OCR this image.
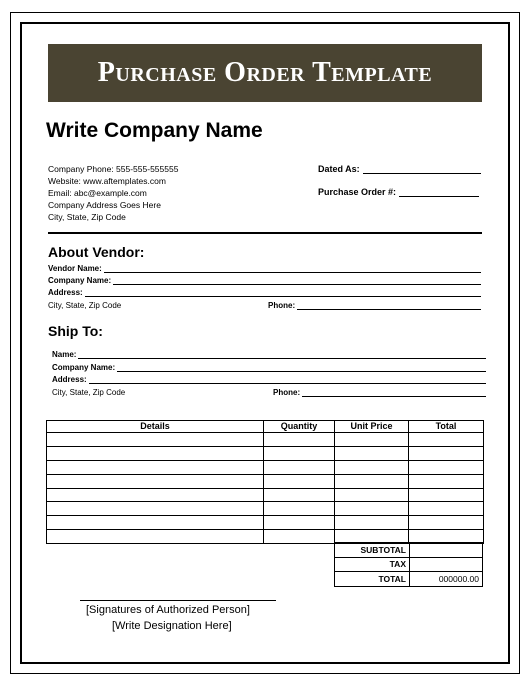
Purchase Order Template
Write Company Name
Company Phone: 555-555-555555
Website: www.aftemplates.com
Email: abc@example.com
Company Address Goes Here
City, State, Zip Code
Dated As:
Purchase Order #:
About Vendor:
Vendor Name:
Company Name:
Address:
City, State, Zip Code	Phone:
Ship To:
Name:
Company Name:
Address:
City, State, Zip Code	Phone:
Details	Quantity	Unit Price	Total

SUBTOTAL	
TAX	
TOTAL	000000.00
[Signatures of Authorized Person]
[Write Designation Here]
